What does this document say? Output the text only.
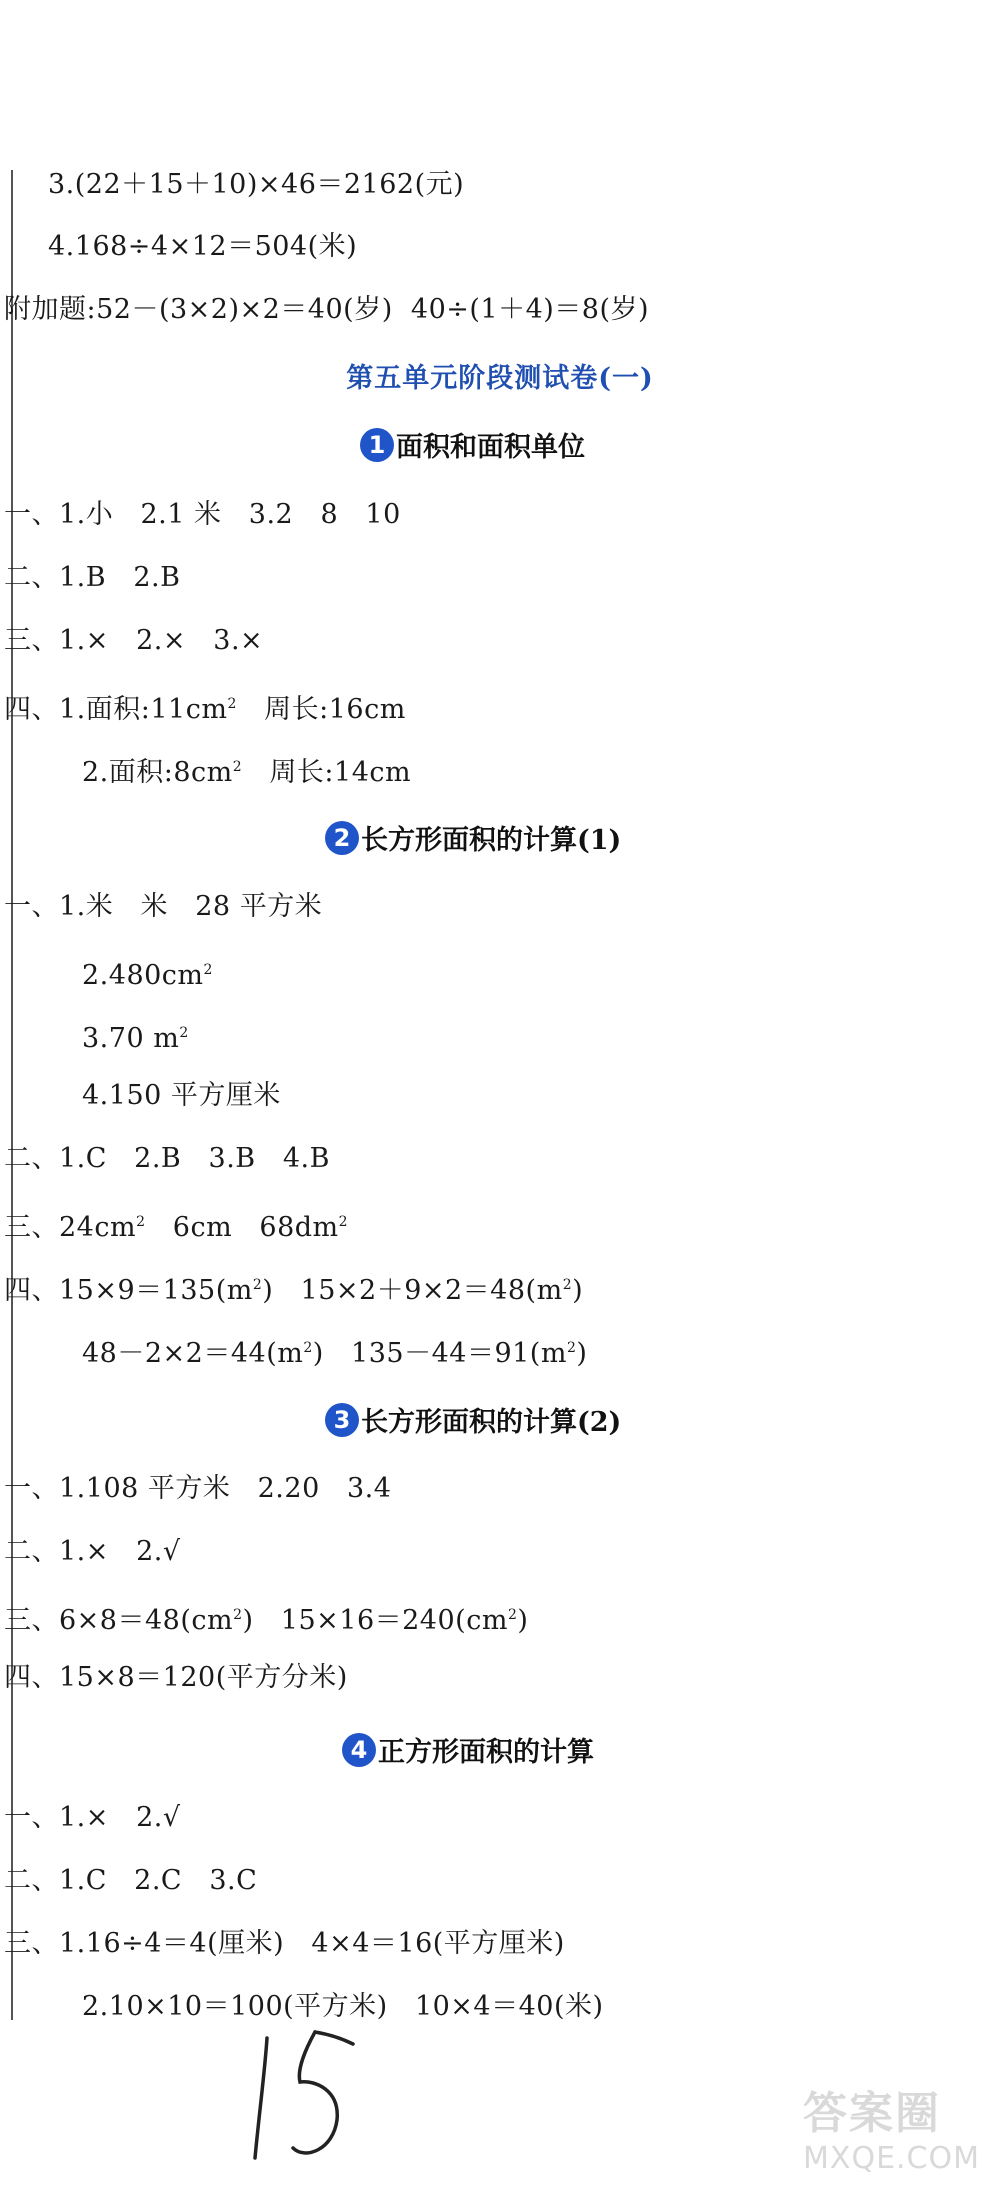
3.(22＋15＋10)×46＝2162(元)
4.168÷4×12＝504(米)
附加题:52－(3×2)×2＝40(岁)  40÷(1＋4)＝8(岁)
第五单元阶段测试卷(一)
1 面积和面积单位
一、1.小   2.1 米   3.2   8   10
二、1.B   2.B
三、1.×   2.×   3.×
四、1.面积$:11cm^2$   周长:16cm
2.面积$:8cm^2$   周长:14cm
2 长方形面积的计算(1)
一、1.米   米   28 平方米
$2.480cm^2$
3.70 $m^2$
4.150 平方厘米
二、1.C   2.B   3.B   4.B
三、$24cm^2$   6cm   $68dm^2$
四、$15\times 9=135(m^2)$   $15\times 2+9\times 2=48(m^2)$
$48-2\times 2=44(m^2)$   $135-44=91(m^2)$
3 长方形面积的计算(2)
一、1.108 平方米   2.20   3.4
二、1.×   2.√
三、$6\times 8=48(cm^2)$   $15\times 16=240(cm^2)$
四、15×8＝120(平方分米)
4 正方形面积的计算
一、1.×   2.√
二、1.C   2.C   3.C
三、1.16÷4＝4(厘米)   4×4＝16(平方厘米)
2.10×10＝100(平方米)   10×4＝40(米)
答案圈
MXQE.COM
